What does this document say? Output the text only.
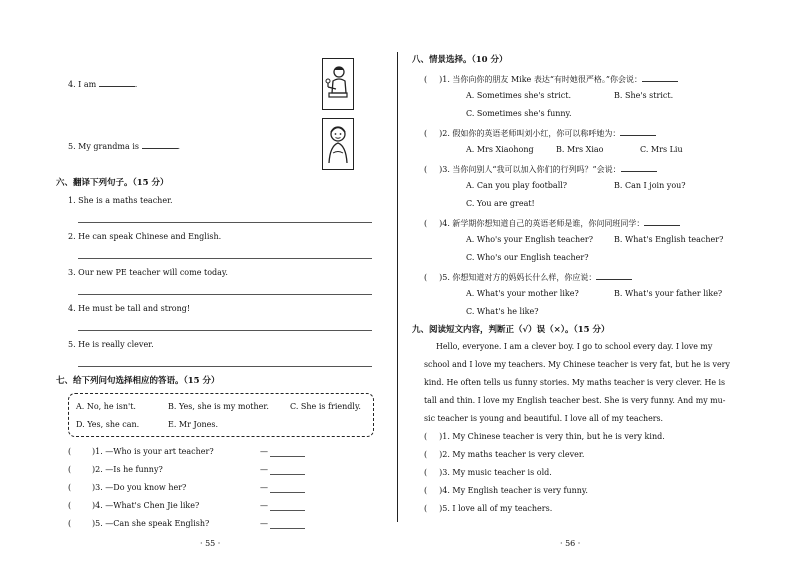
4. I am	.
5. My grandma is	.
六、翻译下列句子。（15 分）
1. She is a maths teacher.
2. He can speak Chinese and English.
3. Our new PE teacher will come today.
4. He must be tall and strong!
5. He is really clever.
七、给下列问句选择相应的答语。（15 分）
A. No, he isn't.	B. Yes, she is my mother.	C. She is friendly.
D. Yes, she can.	E. Mr Jones.
(	)1. —Who is your art teacher?	—
(	)2. —Is he funny?	—
(	)3. —Do you know her?	—
(	)4. —What's Chen Jie like?	—
(	)5. —Can she speak English?	—
· 55 ·
八、情景选择。（10 分）
( )1. 当你向你的朋友 Mike 表达“有时她很严格。”你会说：
A. Sometimes she's strict.	B. She's strict.
C. Sometimes she's funny.
( )2. 假如你的英语老师叫刘小红，你可以称呼她为：
A. Mrs Xiaohong	B. Mrs Xiao	C. Mrs Liu
( )3. 当你问别人“我可以加入你们的行列吗？”会说：
A. Can you play football?	B. Can I join you?
C. You are great!
( )4. 新学期你想知道自己的英语老师是谁，你问同班同学：
A. Who's your English teacher?	B. What's English teacher?
C. Who's our English teacher?
( )5. 你想知道对方的妈妈长什么样，你应说：
A. What's your mother like?	B. What's your father like?
C. What's he like?
九、阅读短文内容，判断正（√）误（×）。（15 分）
Hello, everyone. I am a clever boy. I go to school every day. I love my
school and I love my teachers. My Chinese teacher is very fat, but he is very
kind. He often tells us funny stories. My maths teacher is very clever. He is
tall and thin. I love my English teacher best. She is very funny. And my mu-
sic teacher is young and beautiful. I love all of my teachers.
( )1. My Chinese teacher is very thin, but he is very kind.
( )2. My maths teacher is very clever.
( )3. My music teacher is old.
( )4. My English teacher is very funny.
( )5. I love all of my teachers.
· 56 ·
